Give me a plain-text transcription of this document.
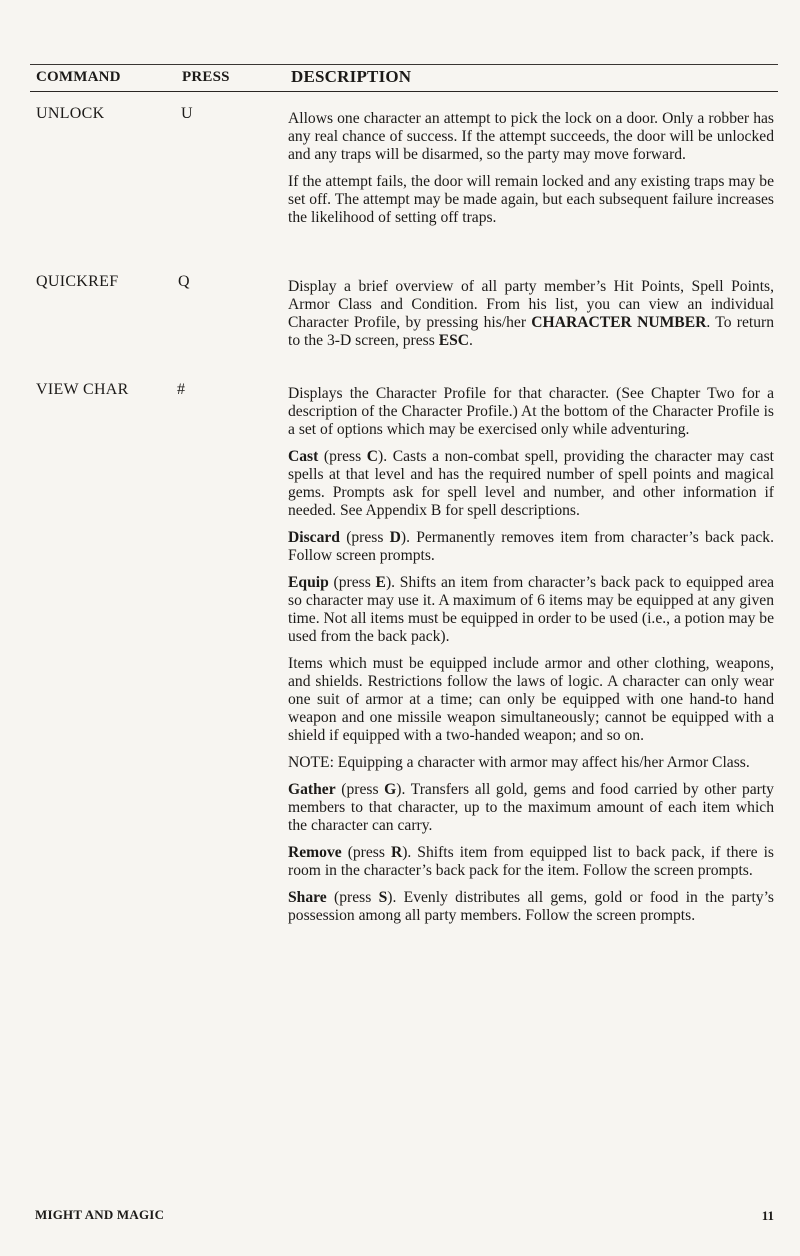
COMMAND	PRESS	DESCRIPTION
UNLOCK	U	Allows one character an attempt to pick the lock on a door. Only a robber has any real chance of success. If the attempt succeeds, the door will be unlocked and any traps will be disarmed, so the party may move forward.

If the attempt fails, the door will remain locked and any existing traps may be set off. The attempt may be made again, but each subsequent failure increases the likelihood of setting off traps.

QUICKREF	Q	Display a brief overview of all party member’s Hit Points, Spell Points, Armor Class and Condition. From his list, you can view an individual Character Profile, by pressing his/her CHARACTER NUMBER. To return to the 3-D screen, press ESC.

VIEW CHAR	#	Displays the Character Profile for that character. (See Chapter Two for a description of the Character Profile.) At the bottom of the Character Profile is a set of options which may be exercised only while adventuring.

Cast (press C). Casts a non-combat spell, providing the character may cast spells at that level and has the required number of spell points and magical gems. Prompts ask for spell level and number, and other information if needed. See Appendix B for spell descriptions.

Discard (press D). Permanently removes item from character’s back pack. Follow screen prompts.

Equip (press E). Shifts an item from character’s back pack to equipped area so character may use it. A maximum of 6 items may be equipped at any given time. Not all items must be equipped in order to be used (i.e., a potion may be used from the back pack).

Items which must be equipped include armor and other clothing, weapons, and shields. Restrictions follow the laws of logic. A character can only wear one suit of armor at a time; can only be equipped with one hand-to hand weapon and one missile weapon simultaneously; cannot be equipped with a shield if equipped with a two-handed weapon; and so on.

NOTE: Equipping a character with armor may affect his/her Armor Class.

Gather (press G). Transfers all gold, gems and food carried by other party members to that character, up to the maximum amount of each item which the character can carry.

Remove (press R). Shifts item from equipped list to back pack, if there is room in the character’s back pack for the item. Follow the screen prompts.

Share (press S). Evenly distributes all gems, gold or food in the party’s possession among all party members. Follow the screen prompts.

MIGHT AND MAGIC	11
